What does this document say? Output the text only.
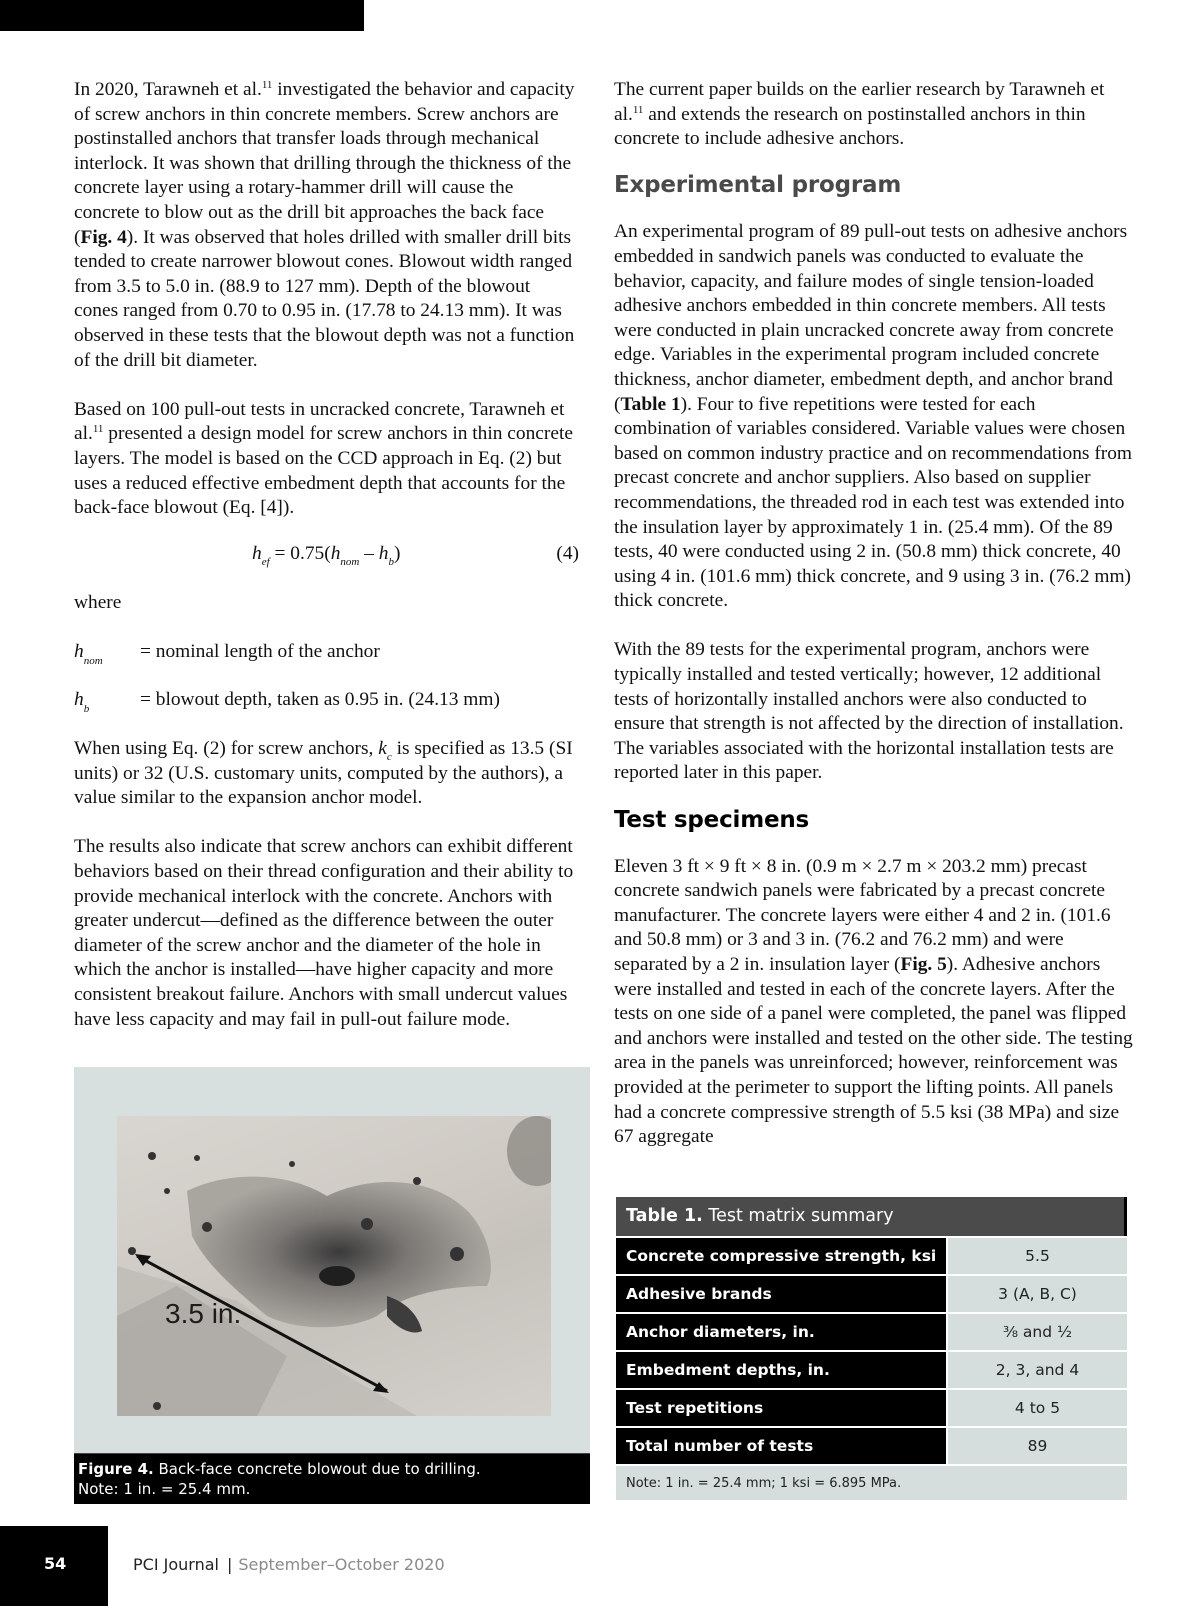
In 2020, Tarawneh et al.$^{11}$ investigated the behavior and capacity of screw anchors in thin concrete members. Screw anchors are postinstalled anchors that transfer loads through mechanical interlock. It was shown that drilling through the thickness of the concrete layer using a rotary-hammer drill will cause the concrete to blow out as the drill bit approaches the back face (Fig. 4). It was observed that holes drilled with smaller drill bits tended to create narrower blowout cones. Blowout width ranged from 3.5 to 5.0 in. (88.9 to 127 mm). Depth of the blowout cones ranged from 0.70 to 0.95 in. (17.78 to 24.13 mm). It was observed in these tests that the blowout depth was not a function of the drill bit diameter.

Based on 100 pull-out tests in uncracked concrete, Tarawneh et al.$^{11}$ presented a design model for screw anchors in thin concrete layers. The model is based on the CCD approach in Eq. (2) but uses a reduced effective embedment depth that accounts for the back-face blowout (Eq. [4]).

$h_{ef} = 0.75(h_{nom} - h_b)$	(4)
where
$h_{nom}$ = nominal length of the anchor
$h_b$	= blowout depth, taken as 0.95 in. (24.13 mm)

When using Eq. (2) for screw anchors, $k_c$ is specified as 13.5 (SI units) or 32 (U.S. customary units, computed by the authors), a value similar to the expansion anchor model.

The results also indicate that screw anchors can exhibit different behaviors based on their thread configuration and their ability to provide mechanical interlock with the concrete. Anchors with greater undercut—defined as the difference between the outer diameter of the screw anchor and the diameter of the hole in which the anchor is installed—have higher capacity and more consistent breakout failure. Anchors with small undercut values have less capacity and may fail in pull-out failure mode.

3.5 in.
Figure 4. Back-face concrete blowout due to drilling.
Note: 1 in. = 25.4 mm.

The current paper builds on the earlier research by Tarawneh et al.$^{11}$ and extends the research on postinstalled anchors in thin concrete to include adhesive anchors.

Experimental program

An experimental program of 89 pull-out tests on adhesive anchors embedded in sandwich panels was conducted to evaluate the behavior, capacity, and failure modes of single tension-loaded adhesive anchors embedded in thin concrete members. All tests were conducted in plain uncracked concrete away from concrete edge. Variables in the experimental program included concrete thickness, anchor diameter, embedment depth, and anchor brand (Table 1). Four to five repetitions were tested for each combination of variables considered. Variable values were chosen based on common industry practice and on recommendations from precast concrete and anchor suppliers. Also based on supplier recommendations, the threaded rod in each test was extended into the insulation layer by approximately 1 in. (25.4 mm). Of the 89 tests, 40 were conducted using 2 in. (50.8 mm) thick concrete, 40 using 4 in. (101.6 mm) thick concrete, and 9 using 3 in. (76.2 mm) thick concrete.

With the 89 tests for the experimental program, anchors were typically installed and tested vertically; however, 12 additional tests of horizontally installed anchors were also conducted to ensure that strength is not affected by the direction of installation. The variables associated with the horizontal installation tests are reported later in this paper.

Test specimens

Eleven 3 ft × 9 ft × 8 in. (0.9 m × 2.7 m × 203.2 mm) precast concrete sandwich panels were fabricated by a precast concrete manufacturer. The concrete layers were either 4 and 2 in. (101.6 and 50.8 mm) or 3 and 3 in. (76.2 and 76.2 mm) and were separated by a 2 in. insulation layer (Fig. 5). Adhesive anchors were installed and tested in each of the concrete layers. After the tests on one side of a panel were completed, the panel was flipped and anchors were installed and tested on the other side. The testing area in the panels was unreinforced; however, reinforcement was provided at the perimeter to support the lifting points. All panels had a concrete compressive strength of 5.5 ksi (38 MPa) and size 67 aggregate

Table 1. Test matrix summary
Concrete compressive strength, ksi	5.5
Adhesive brands	3 (A, B, C)
Anchor diameters, in.	⅜ and ½
Embedment depths, in.	2, 3, and 4
Test repetitions	4 to 5
Total number of tests	89
Note: 1 in. = 25.4 mm; 1 ksi = 6.895 MPa.
54	PCI Journal | September–October 2020
